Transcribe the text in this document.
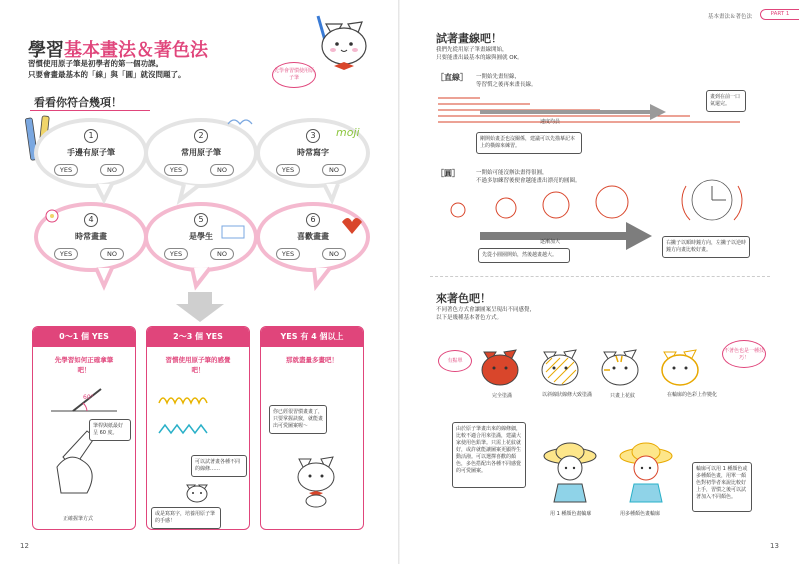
學習基本畫法＆著色法
習慣使用原子筆是初學者的第一個功課。
只要會畫最基本的「線」與「圓」就沒問題了。	先學會習慣使用原子筆
看看你符合幾項！
1
手邊有原子筆
YES	NO
2
常用原子筆
YES	NO
3
時常寫字
YES	NO
4
時常畫畫
YES	NO
5
是學生
YES	NO
6
喜歡畫畫
YES	NO
moji
0～1 個 YES
先學習如何正確拿筆吧！
60°
筆桿與紙最好呈 60 度。
正確握筆方式
2～3 個 YES
習慣使用原子筆的感覺吧！
可以試著畫各種不同的線條……
或是寫寫字，培養用原子筆的手感！
YES 有 4 個以上
那就盡量多畫吧！
你已經很習慣畫畫了，只要掌握訣竅，就能畫出可愛圖案喔～
12
基本畫法＆著色法	PART 1
試著畫線吧！
我們先從用原子筆畫線開始，
只要能畫出最基本的線與圓就 OK。
［直線］ 一開始先畫短線，
等習慣之後再來畫長線。
畫到在前一口氣還完。
速度均員
剛開始畫歪也沒關係，建議可以先描摹記本上的橫線來練習。
［圓］	一開始可能沒辦法畫得很圓，
不過多加練習後便會越能畫出漂亮的圓圈。
逐漸加大
先從小圓圈開始，然後越畫越大。
右撇子以順時鐘方向，左撇子以逆時鐘方向畫比較好畫。
來著色吧！
不同著色方式會讓圖案呈現出不同感覺，
以下是幾種基本著色方式。
有點單
不著色也是一種技巧！
完全塗滿	以斜線狀線條大致塗滿	只畫上花紋	在輪廓的色彩上作變化
由於原子筆畫出來的線條細，比較不適合用來塗滿，建議大家使用色鉛筆。只需上花紋就好，或許就能讓圖案更顯得生動活潑。可以選擇喜歡的顏色，多色搭配出各種不同感覺的可愛圖案。
用 1 種顏色畫輪廓	用多種顏色畫輪廓
輪廓可以用 1 種顏色或多種顏色畫，用單一顏色對初學者來說比較好上手，習慣之後可以試著加入不同顏色。
13
